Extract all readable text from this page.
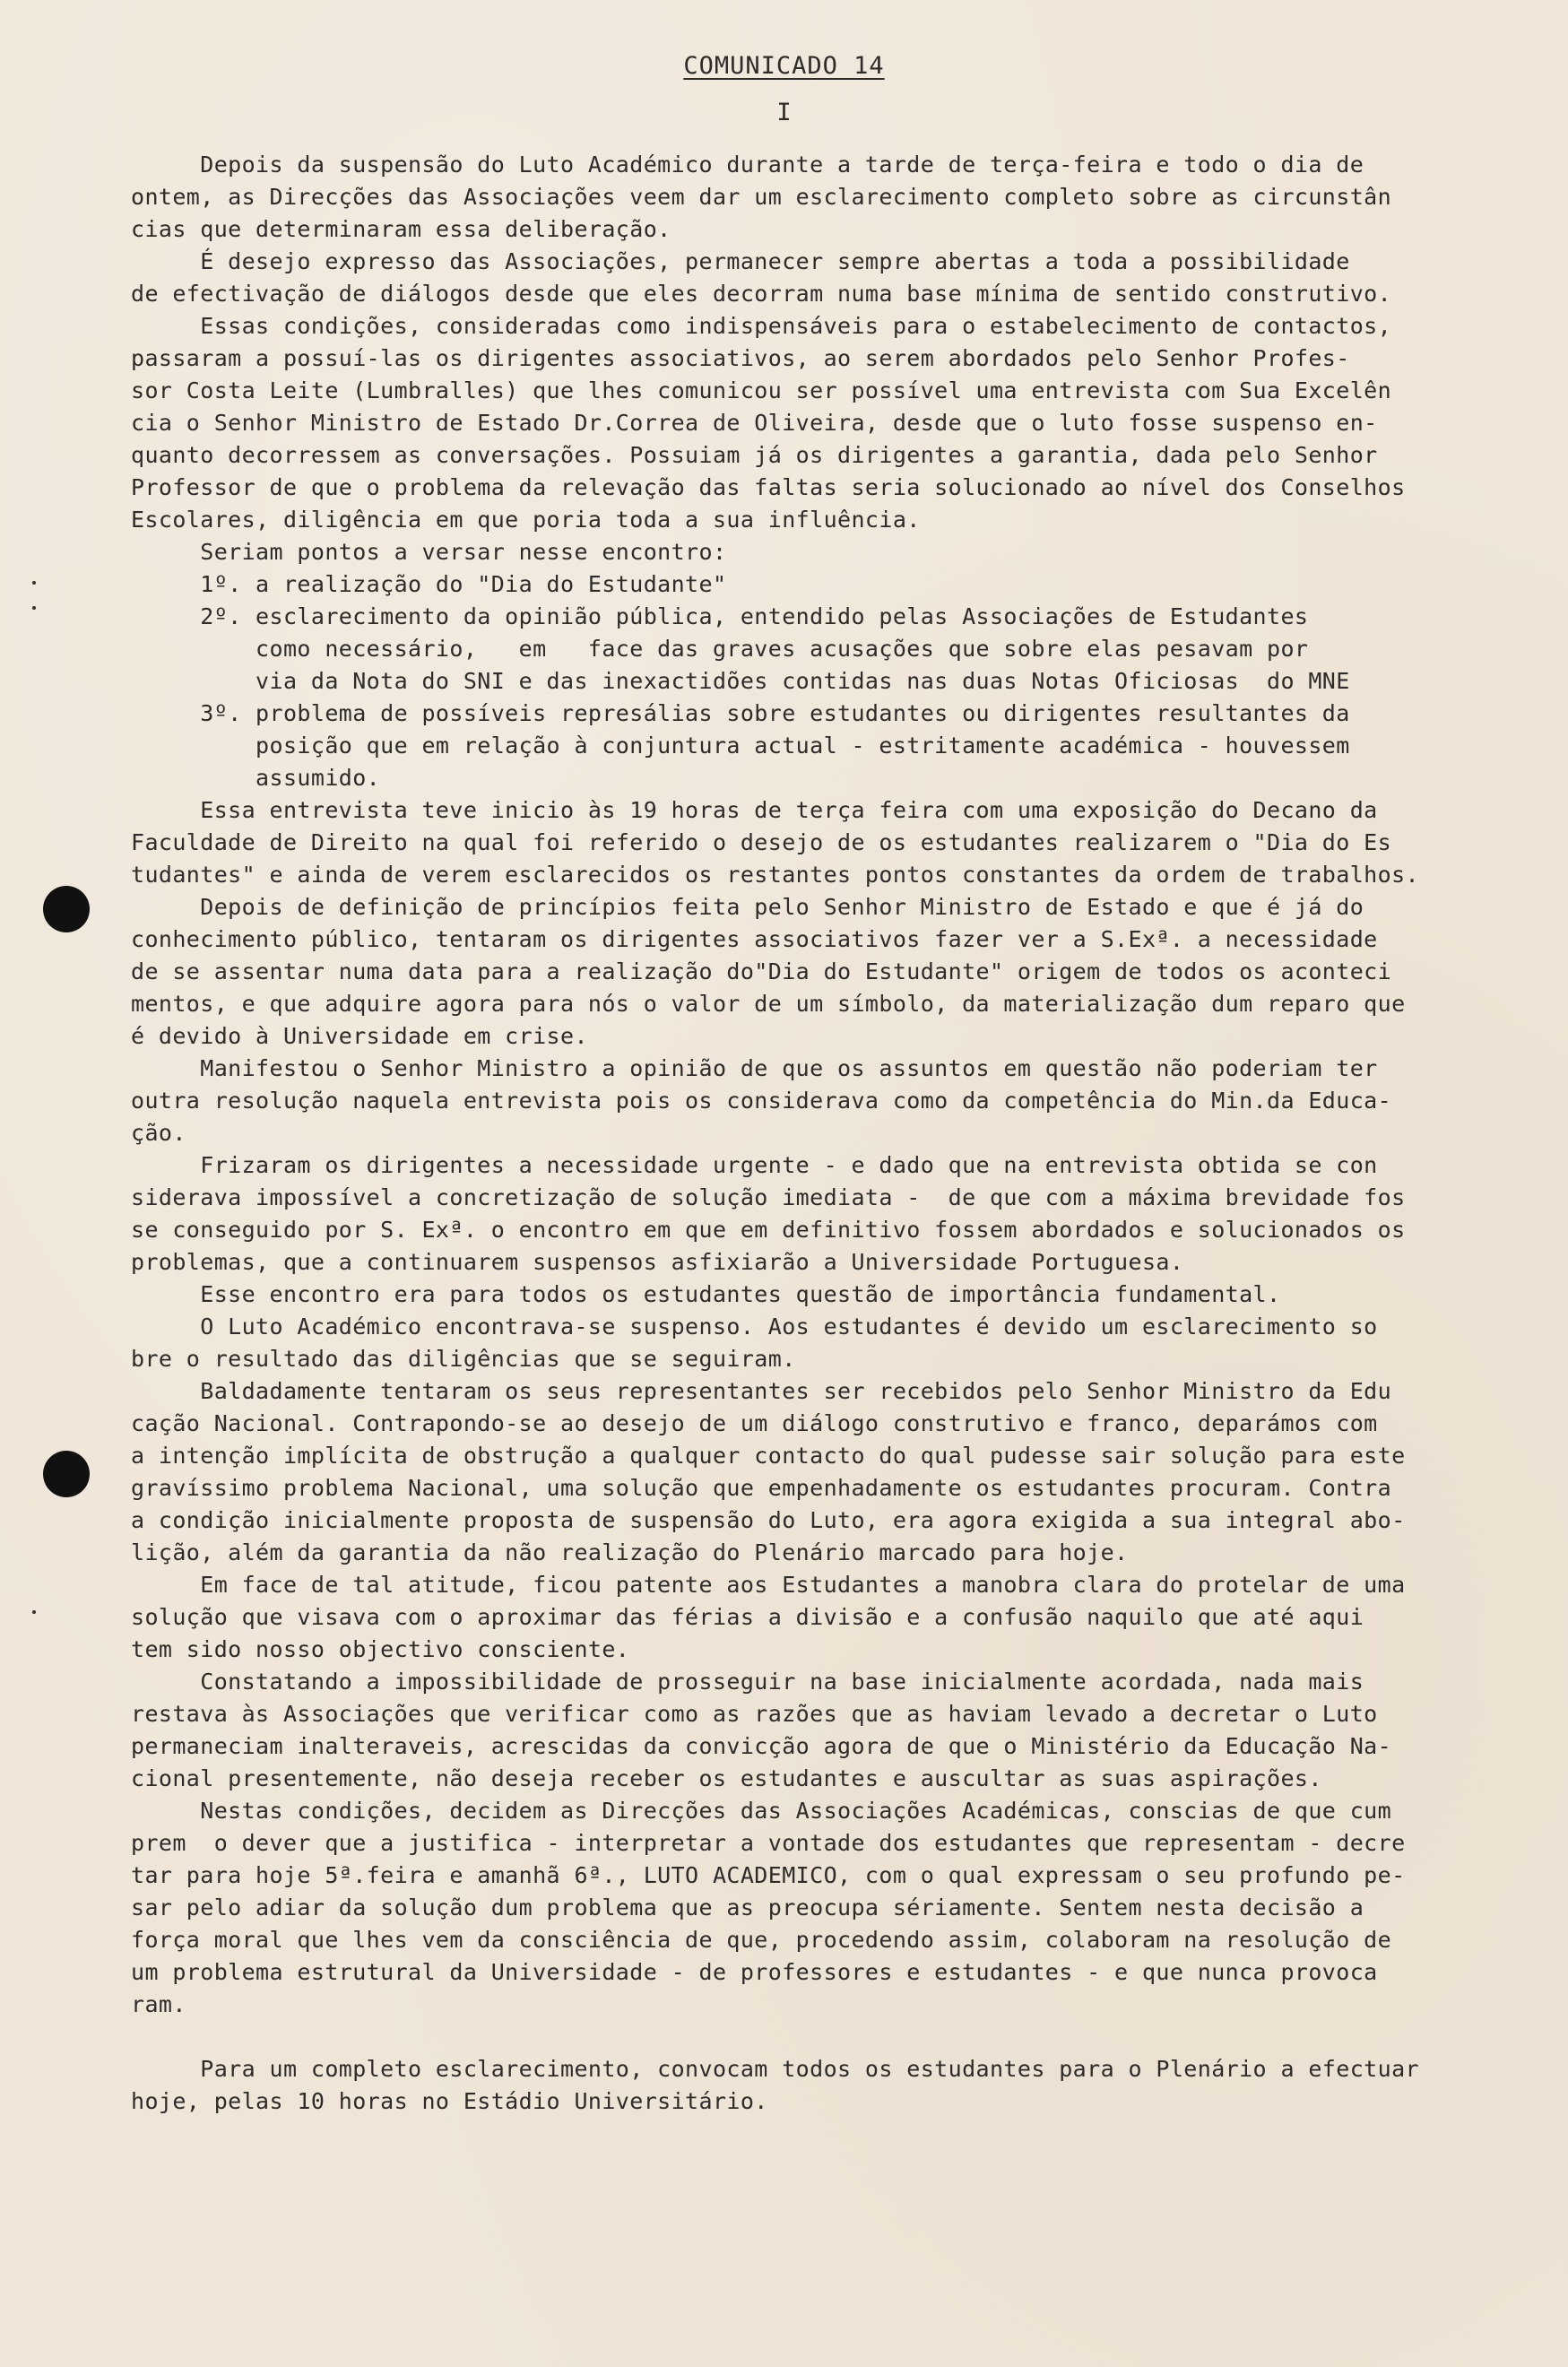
COMUNICADO 14
I
Depois da suspensão do Luto Académico durante a tarde de terça-feira e todo o dia de
ontem, as Direcções das Associações veem dar um esclarecimento completo sobre as circunstân
cias que determinaram essa deliberação.
É desejo expresso das Associações, permanecer sempre abertas a toda a possibilidade
de efectivação de diálogos desde que eles decorram numa base mínima de sentido construtivo.
Essas condições, consideradas como indispensáveis para o estabelecimento de contactos,
passaram a possuí-las os dirigentes associativos, ao serem abordados pelo Senhor Profes-
sor Costa Leite (Lumbralles) que lhes comunicou ser possível uma entrevista com Sua Excelên
cia o Senhor Ministro de Estado Dr.Correa de Oliveira, desde que o luto fosse suspenso en-
quanto decorressem as conversações. Possuiam já os dirigentes a garantia, dada pelo Senhor
Professor de que o problema da relevação das faltas seria solucionado ao nível dos Conselhos
Escolares, diligência em que poria toda a sua influência.
Seriam pontos a versar nesse encontro:
1º. a realização do "Dia do Estudante"
2º. esclarecimento da opinião pública, entendido pelas Associações de Estudantes
como necessário,   em   face das graves acusações que sobre elas pesavam por
via da Nota do SNI e das inexactidões contidas nas duas Notas Oficiosas  do MNE
3º. problema de possíveis represálias sobre estudantes ou dirigentes resultantes da
posição que em relação à conjuntura actual - estritamente académica - houvessem
assumido.
Essa entrevista teve inicio às 19 horas de terça feira com uma exposição do Decano da
Faculdade de Direito na qual foi referido o desejo de os estudantes realizarem o "Dia do Es
tudantes" e ainda de verem esclarecidos os restantes pontos constantes da ordem de trabalhos.
Depois de definição de princípios feita pelo Senhor Ministro de Estado e que é já do
conhecimento público, tentaram os dirigentes associativos fazer ver a S.Exª. a necessidade
de se assentar numa data para a realização do"Dia do Estudante" origem de todos os aconteci
mentos, e que adquire agora para nós o valor de um símbolo, da materialização dum reparo que
é devido à Universidade em crise.
Manifestou o Senhor Ministro a opinião de que os assuntos em questão não poderiam ter
outra resolução naquela entrevista pois os considerava como da competência do Min.da Educa-
ção.
Frizaram os dirigentes a necessidade urgente - e dado que na entrevista obtida se con
siderava impossível a concretização de solução imediata -  de que com a máxima brevidade fos
se conseguido por S. Exª. o encontro em que em definitivo fossem abordados e solucionados os
problemas, que a continuarem suspensos asfixiarão a Universidade Portuguesa.
Esse encontro era para todos os estudantes questão de importância fundamental.
O Luto Académico encontrava-se suspenso. Aos estudantes é devido um esclarecimento so
bre o resultado das diligências que se seguiram.
Baldadamente tentaram os seus representantes ser recebidos pelo Senhor Ministro da Edu
cação Nacional. Contrapondo-se ao desejo de um diálogo construtivo e franco, deparámos com
a intenção implícita de obstrução a qualquer contacto do qual pudesse sair solução para este
gravíssimo problema Nacional, uma solução que empenhadamente os estudantes procuram. Contra
a condição inicialmente proposta de suspensão do Luto, era agora exigida a sua integral abo-
lição, além da garantia da não realização do Plenário marcado para hoje.
Em face de tal atitude, ficou patente aos Estudantes a manobra clara do protelar de uma
solução que visava com o aproximar das férias a divisão e a confusão naquilo que até aqui
tem sido nosso objectivo consciente.
Constatando a impossibilidade de prosseguir na base inicialmente acordada, nada mais
restava às Associações que verificar como as razões que as haviam levado a decretar o Luto
permaneciam inalteraveis, acrescidas da convicção agora de que o Ministério da Educação Na-
cional presentemente, não deseja receber os estudantes e auscultar as suas aspirações.
Nestas condições, decidem as Direcções das Associações Académicas, conscias de que cum
prem  o dever que a justifica - interpretar a vontade dos estudantes que representam - decre
tar para hoje 5ª.feira e amanhã 6ª., LUTO ACADEMICO, com o qual expressam o seu profundo pe-
sar pelo adiar da solução dum problema que as preocupa sériamente. Sentem nesta decisão a
força moral que lhes vem da consciência de que, procedendo assim, colaboram na resolução de
um problema estrutural da Universidade - de professores e estudantes - e que nunca provoca
ram.
Para um completo esclarecimento, convocam todos os estudantes para o Plenário a efectuar
hoje, pelas 10 horas no Estádio Universitário.
